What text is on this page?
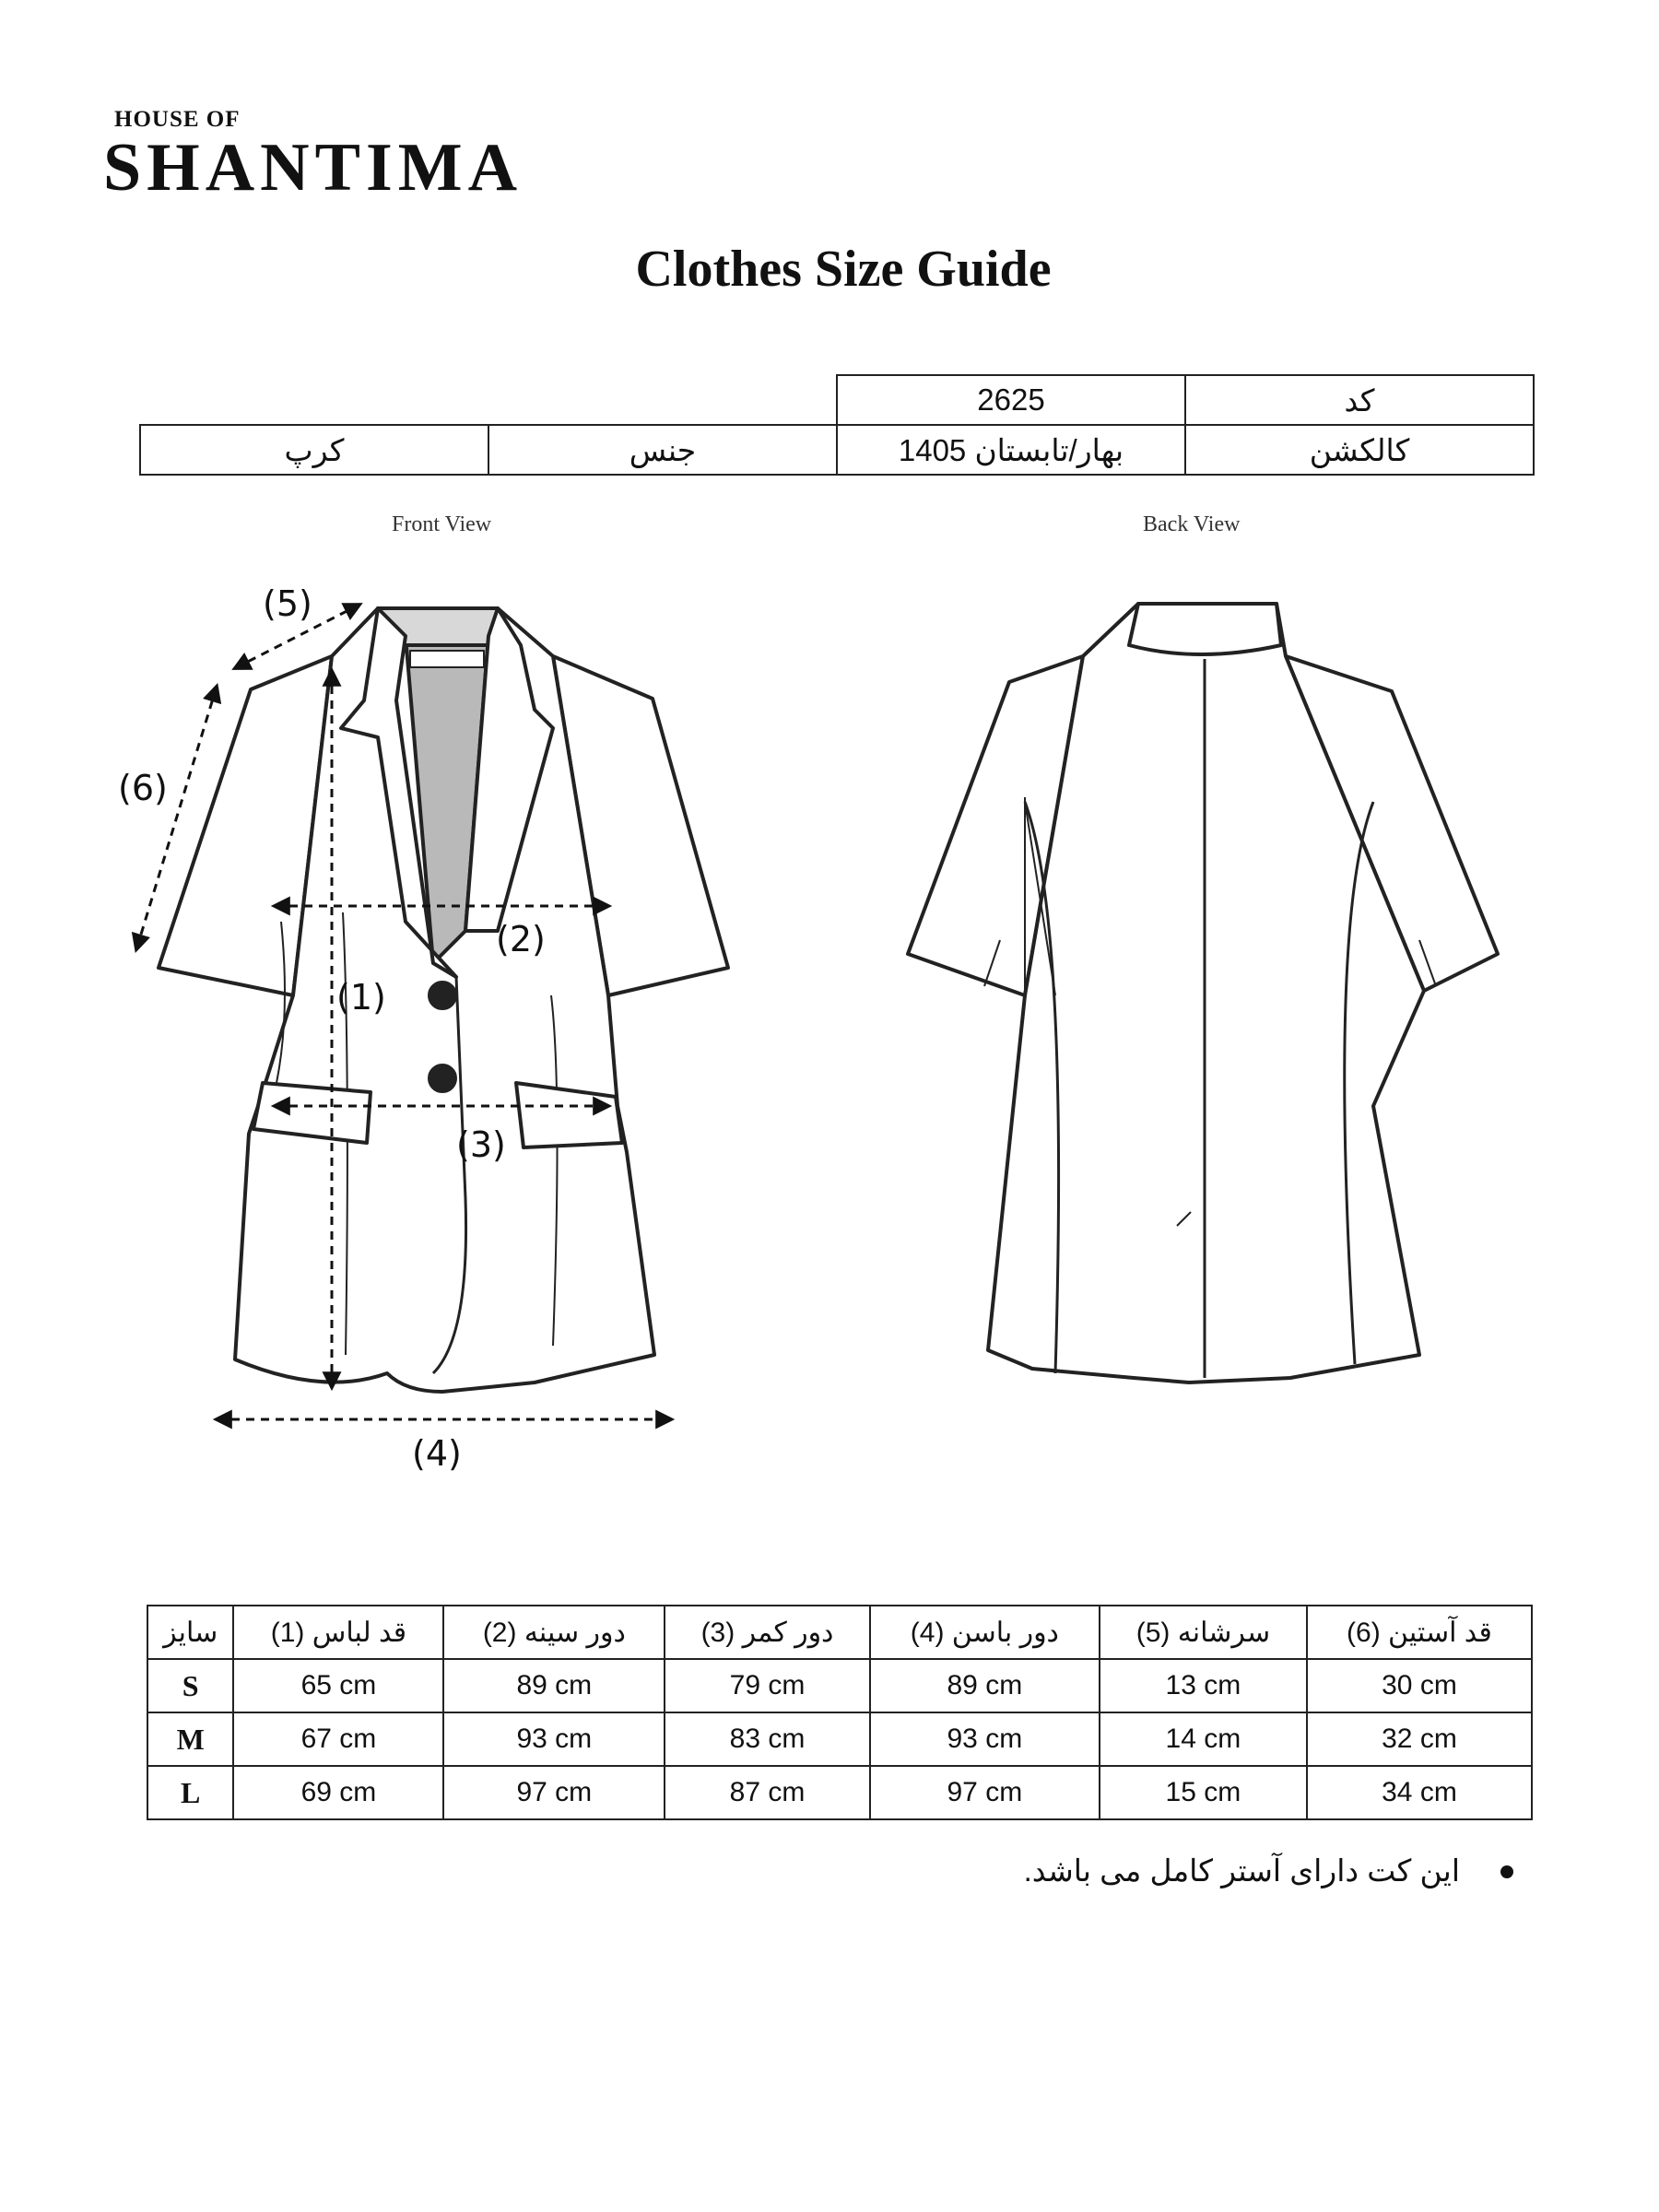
HOUSE OF
SHANTIMA
Clothes Size Guide
		2625	کد
کرپ	جنس	بهار/تابستان 1405	کالکشن
Front View	Back View
(1)
(2)
(3)
(4)
(5)
(6)
سایز	(1) قد لباس	(2) دور سینه	(3) دور کمر	(4) دور باسن	(5) سرشانه	(6) قد آستین
S	65 cm	89 cm	79 cm	89 cm	13 cm	30 cm
M	67 cm	93 cm	83 cm	93 cm	14 cm	32 cm
L	69 cm	97 cm	87 cm	97 cm	15 cm	34 cm
این کت دارای آستر کامل می باشد.
